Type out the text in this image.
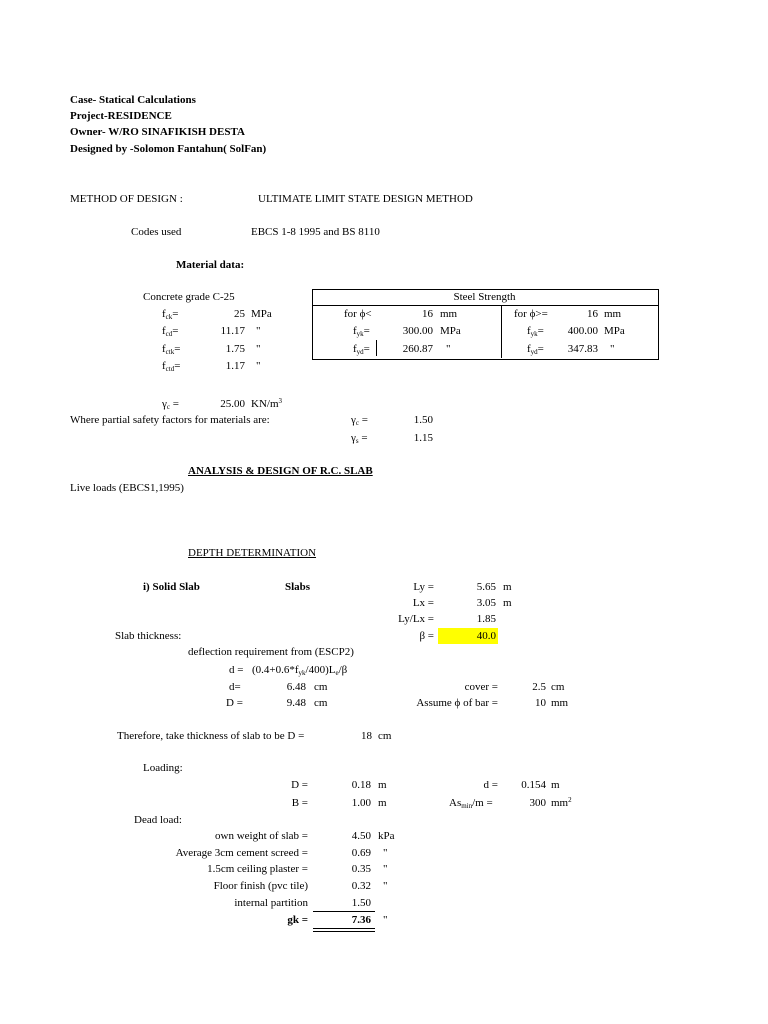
Case- Statical Calculations
Project-RESIDENCE
Owner- W/RO SINAFIKISH DESTA
Designed by -Solomon Fantahun( SolFan)
METHOD OF DESIGN :	ULTIMATE LIMIT STATE DESIGN METHOD
Codes used	EBCS 1-8 1995 and BS 8110
Material data:
Concrete grade C-25
$f_{ck}=$	25 MPa
$f_{cd}=$	11.17 "
$f_{ctk}=$	1.75 "
$f_{ctd}=$	1.17 "
Steel Strength
for ϕ<	16 mm	for ϕ>=	16 mm
$f_{yk}=$	300.00 MPa	$f_{yk}=$	400.00 MPa
$f_{yd}=$	260.87 "	$f_{yd}=$	347.83 "
$\gamma_c$ =	25.00 $KN/m^3$
Where partial safety factors for materials are:	$\gamma_c$ =	1.50
$\gamma_s$ =	1.15
ANALYSIS & DESIGN OF R.C. SLAB
Live loads (EBCS1,1995)
DEPTH DETERMINATION
i) Solid Slab	Slabs	Ly =	5.65 m
Lx =	3.05 m
Ly/Lx =	1.85
Slab thickness:	β =	40.0
deflection requirement from (ESCP2)
$d = (0.4+0.6*f_{yk}/400)L_e/\beta$
d=	6.48 cm	cover =	2.5 cm
D =	9.48 cm	Assume ϕ of bar =	10 mm
Therefore, take thickness of slab to be D =	18 cm
Loading:
D =	0.18 m	d =	0.154 m
B =	1.00 m	$As_{min}/m$ =	300 $mm^2$
Dead load:
own weight of slab =	4.50 kPa
Average 3cm cement screed =	0.69 "
1.5cm ceiling plaster =	0.35 "
Floor finish (pvc tile)	0.32 "
internal partition	1.50
gk =	7.36 "
